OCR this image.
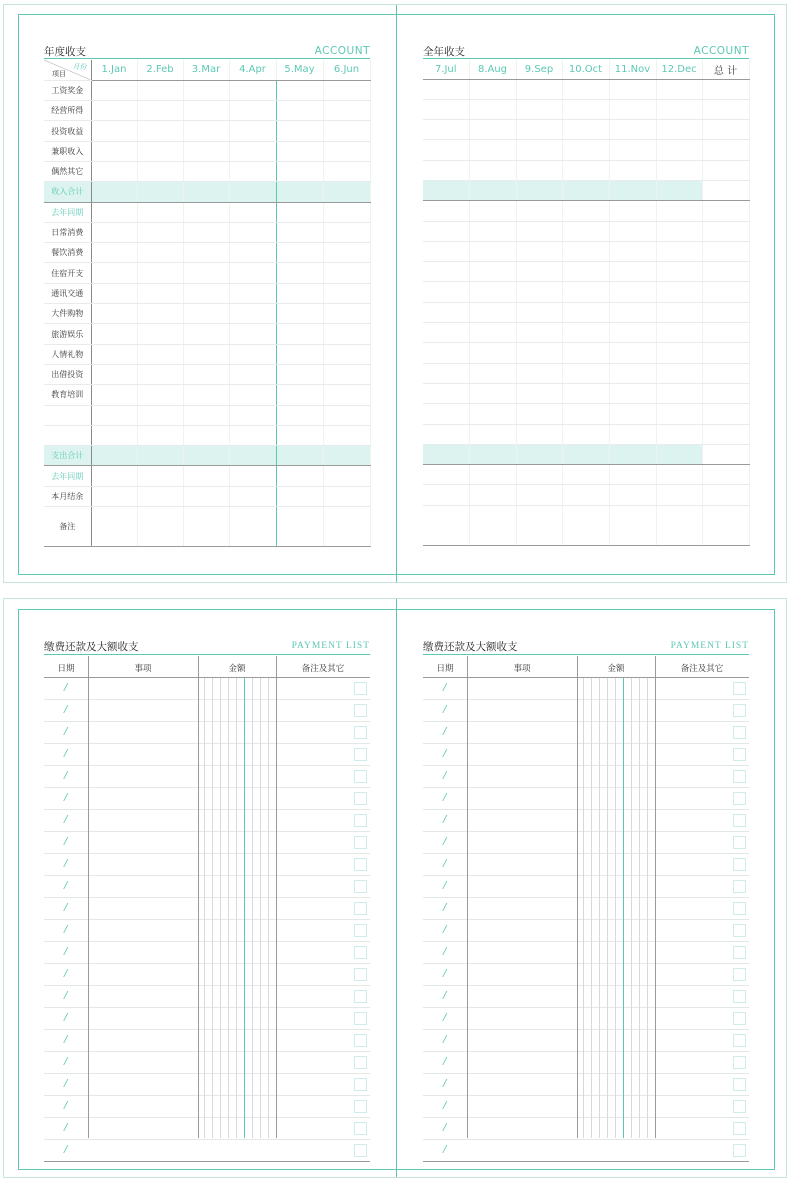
年度收支	ACCOUNT
月份
项目	1.Jan	2.Feb	3.Mar	4.Apr	5.May	6.Jun
工资奖金						
经营所得						
投资收益						
兼职收入						
偶然其它						
收入合计						
去年同期						
日常消费						
餐饮消费						
住宿开支						
通讯交通						
大件购物						
旅游娱乐						
人情礼物						
出借投资						
教育培训						

支出合计						
去年同期						
本月结余						
备注						
全年收支	ACCOUNT
7.Jul	8.Aug	9.Sep	10.Oct	11.Nov	12.Dec	总 计

缴费还款及大额收支	PAYMENT LIST
日期	事项	金额	备注及其它
/
/
/
/
/
/
/
/
/
/
/
/
/
/
/
/
/
/
/
/
/
/
缴费还款及大额收支	PAYMENT LIST
日期	事项	金额	备注及其它
/
/
/
/
/
/
/
/
/
/
/
/
/
/
/
/
/
/
/
/
/
/
